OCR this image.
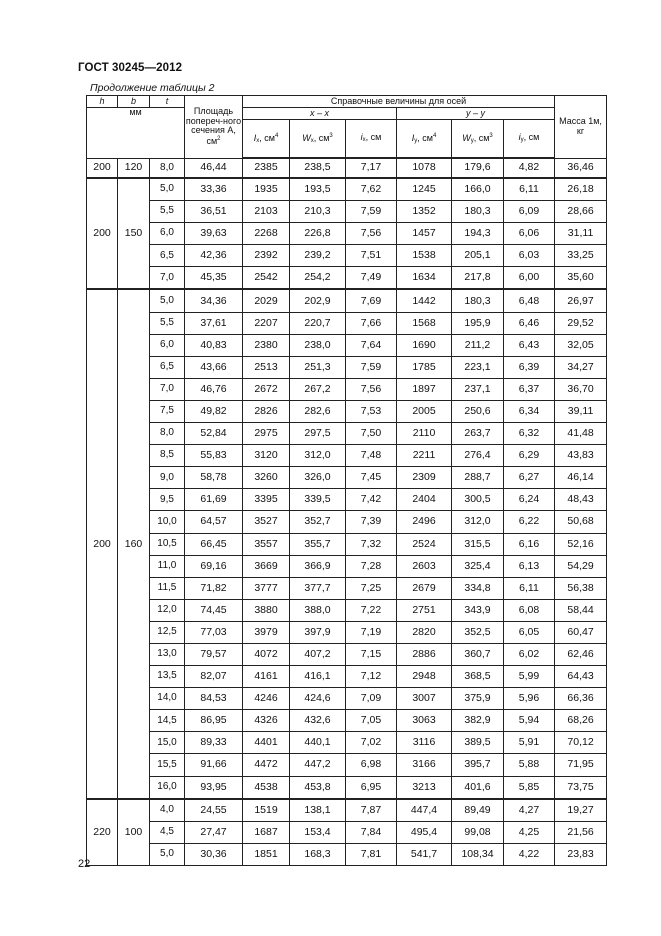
ГОСТ 30245—2012
Продолжение таблицы 2
h	b	t	Площадь попереч-ного сечения A, $см^2$	Справочные величины для осей						Масса 1м, кг
мм				x – x			y – y			
				$I_x$, $см^4$	$W_x$, $см^3$	$i_x$, см	$I_y$, $см^4$	$W_y$, $см^3$	$i_y$, см	
200	120	8,0	46,44	2385	238,5	7,17	1078	179,6	4,82	36,46
200	150	5,0	33,36	1935	193,5	7,62	1245	166,0	6,11	26,18
		5,5	36,51	2103	210,3	7,59	1352	180,3	6,09	28,66
		6,0	39,63	2268	226,8	7,56	1457	194,3	6,06	31,11
		6,5	42,36	2392	239,2	7,51	1538	205,1	6,03	33,25
		7,0	45,35	2542	254,2	7,49	1634	217,8	6,00	35,60
200	160	5,0	34,36	2029	202,9	7,69	1442	180,3	6,48	26,97
		5,5	37,61	2207	220,7	7,66	1568	195,9	6,46	29,52
		6,0	40,83	2380	238,0	7,64	1690	211,2	6,43	32,05
		6,5	43,66	2513	251,3	7,59	1785	223,1	6,39	34,27
		7,0	46,76	2672	267,2	7,56	1897	237,1	6,37	36,70
		7,5	49,82	2826	282,6	7,53	2005	250,6	6,34	39,11
		8,0	52,84	2975	297,5	7,50	2110	263,7	6,32	41,48
		8,5	55,83	3120	312,0	7,48	2211	276,4	6,29	43,83
		9,0	58,78	3260	326,0	7,45	2309	288,7	6,27	46,14
		9,5	61,69	3395	339,5	7,42	2404	300,5	6,24	48,43
		10,0	64,57	3527	352,7	7,39	2496	312,0	6,22	50,68
		10,5	66,45	3557	355,7	7,32	2524	315,5	6,16	52,16
		11,0	69,16	3669	366,9	7,28	2603	325,4	6,13	54,29
		11,5	71,82	3777	377,7	7,25	2679	334,8	6,11	56,38
		12,0	74,45	3880	388,0	7,22	2751	343,9	6,08	58,44
		12,5	77,03	3979	397,9	7,19	2820	352,5	6,05	60,47
		13,0	79,57	4072	407,2	7,15	2886	360,7	6,02	62,46
		13,5	82,07	4161	416,1	7,12	2948	368,5	5,99	64,43
		14,0	84,53	4246	424,6	7,09	3007	375,9	5,96	66,36
		14,5	86,95	4326	432,6	7,05	3063	382,9	5,94	68,26
		15,0	89,33	4401	440,1	7,02	3116	389,5	5,91	70,12
		15,5	91,66	4472	447,2	6,98	3166	395,7	5,88	71,95
		16,0	93,95	4538	453,8	6,95	3213	401,6	5,85	73,75
220	100	4,0	24,55	1519	138,1	7,87	447,4	89,49	4,27	19,27
		4,5	27,47	1687	153,4	7,84	495,4	99,08	4,25	21,56
		5,0	30,36	1851	168,3	7,81	541,7	108,34	4,22	23,83
22
